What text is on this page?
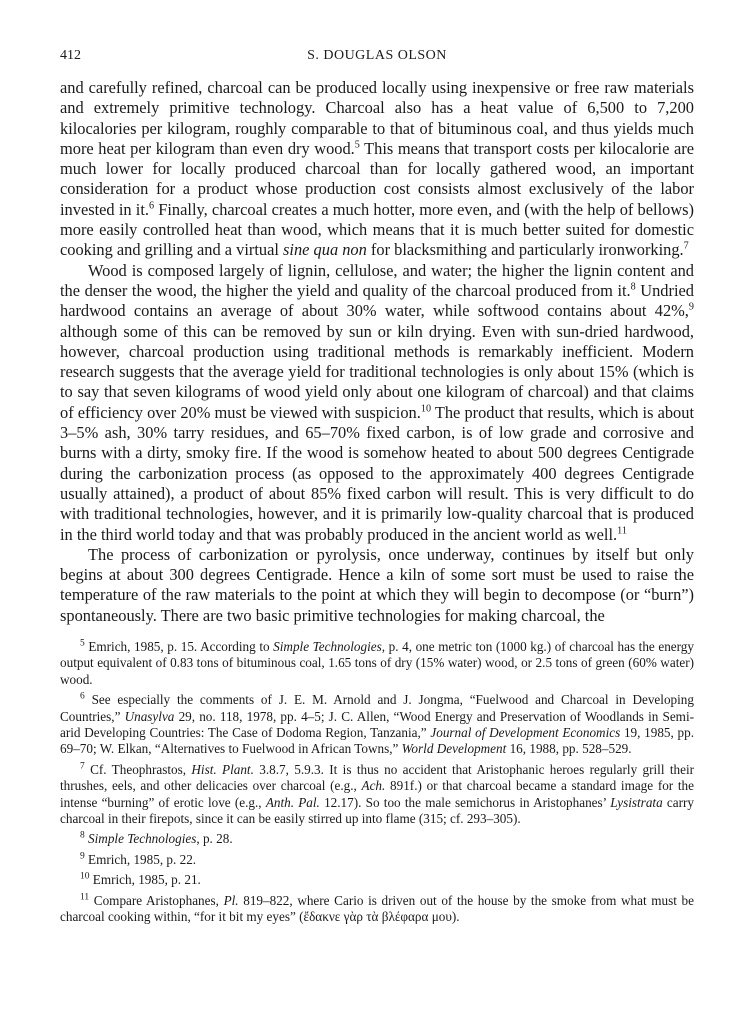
412	S. DOUGLAS OLSON

and carefully refined, charcoal can be produced locally using inexpensive or free raw materials and extremely primitive technology. Charcoal also has a heat value of 6,500 to 7,200 kilocalories per kilogram, roughly comparable to that of bituminous coal, and thus yields much more heat per kilogram than even dry wood.$^5$ This means that transport costs per kilocalorie are much lower for locally produced charcoal than for locally gathered wood, an important consideration for a product whose production cost consists almost exclusively of the labor invested in it.$^6$ Finally, charcoal creates a much hotter, more even, and (with the help of bellows) more easily controlled heat than wood, which means that it is much better suited for domestic cooking and grilling and a virtual sine qua non for blacksmithing and particularly ironworking.$^7$

Wood is composed largely of lignin, cellulose, and water; the higher the lignin content and the denser the wood, the higher the yield and quality of the charcoal produced from it.$^8$ Undried hardwood contains an average of about 30% water, while softwood contains about 42%,$^9$ although some of this can be removed by sun or kiln drying. Even with sun-dried hardwood, however, charcoal production using traditional methods is remarkably inefficient. Modern research suggests that the average yield for traditional technologies is only about 15% (which is to say that seven kilograms of wood yield only about one kilogram of charcoal) and that claims of efficiency over 20% must be viewed with suspicion.$^{10}$ The product that results, which is about 3–5% ash, 30% tarry residues, and 65–70% fixed carbon, is of low grade and corrosive and burns with a dirty, smoky fire. If the wood is somehow heated to about 500 degrees Centigrade during the carbonization process (as opposed to the approximately 400 degrees Centigrade usually attained), a product of about 85% fixed carbon will result. This is very difficult to do with traditional technologies, however, and it is primarily low-quality charcoal that is produced in the third world today and that was probably produced in the ancient world as well.$^{11}$

The process of carbonization or pyrolysis, once underway, continues by itself but only begins at about 300 degrees Centigrade. Hence a kiln of some sort must be used to raise the temperature of the raw materials to the point at which they will begin to decompose (or “burn”) spontaneously. There are two basic primitive technologies for making charcoal, the

$^5$ Emrich, 1985, p. 15. According to Simple Technologies, p. 4, one metric ton (1000 kg.) of charcoal has the energy output equivalent of 0.83 tons of bituminous coal, 1.65 tons of dry (15% water) wood, or 2.5 tons of green (60% water) wood.

$^6$ See especially the comments of J. E. M. Arnold and J. Jongma, “Fuelwood and Charcoal in Developing Countries,” Unasylva 29, no. 118, 1978, pp. 4–5; J. C. Allen, “Wood Energy and Preservation of Woodlands in Semi-arid Developing Countries: The Case of Dodoma Region, Tanzania,” Journal of Development Economics 19, 1985, pp. 69–70; W. Elkan, “Alternatives to Fuelwood in African Towns,” World Development 16, 1988, pp. 528–529.

$^7$ Cf. Theophrastos, Hist. Plant. 3.8.7, 5.9.3. It is thus no accident that Aristophanic heroes regularly grill their thrushes, eels, and other delicacies over charcoal (e.g., Ach. 891f.) or that charcoal became a standard image for the intense “burning” of erotic love (e.g., Anth. Pal. 12.17). So too the male semichorus in Aristophanes’ Lysistrata carry charcoal in their firepots, since it can be easily stirred up into flame (315; cf. 293–305).

$^8$ Simple Technologies, p. 28.

$^9$ Emrich, 1985, p. 22.

$^{10}$ Emrich, 1985, p. 21.

$^{11}$ Compare Aristophanes, Pl. 819–822, where Cario is driven out of the house by the smoke from what must be charcoal cooking within, “for it bit my eyes” (ἔδακνε γὰρ τὰ βλέφαρα μου).
